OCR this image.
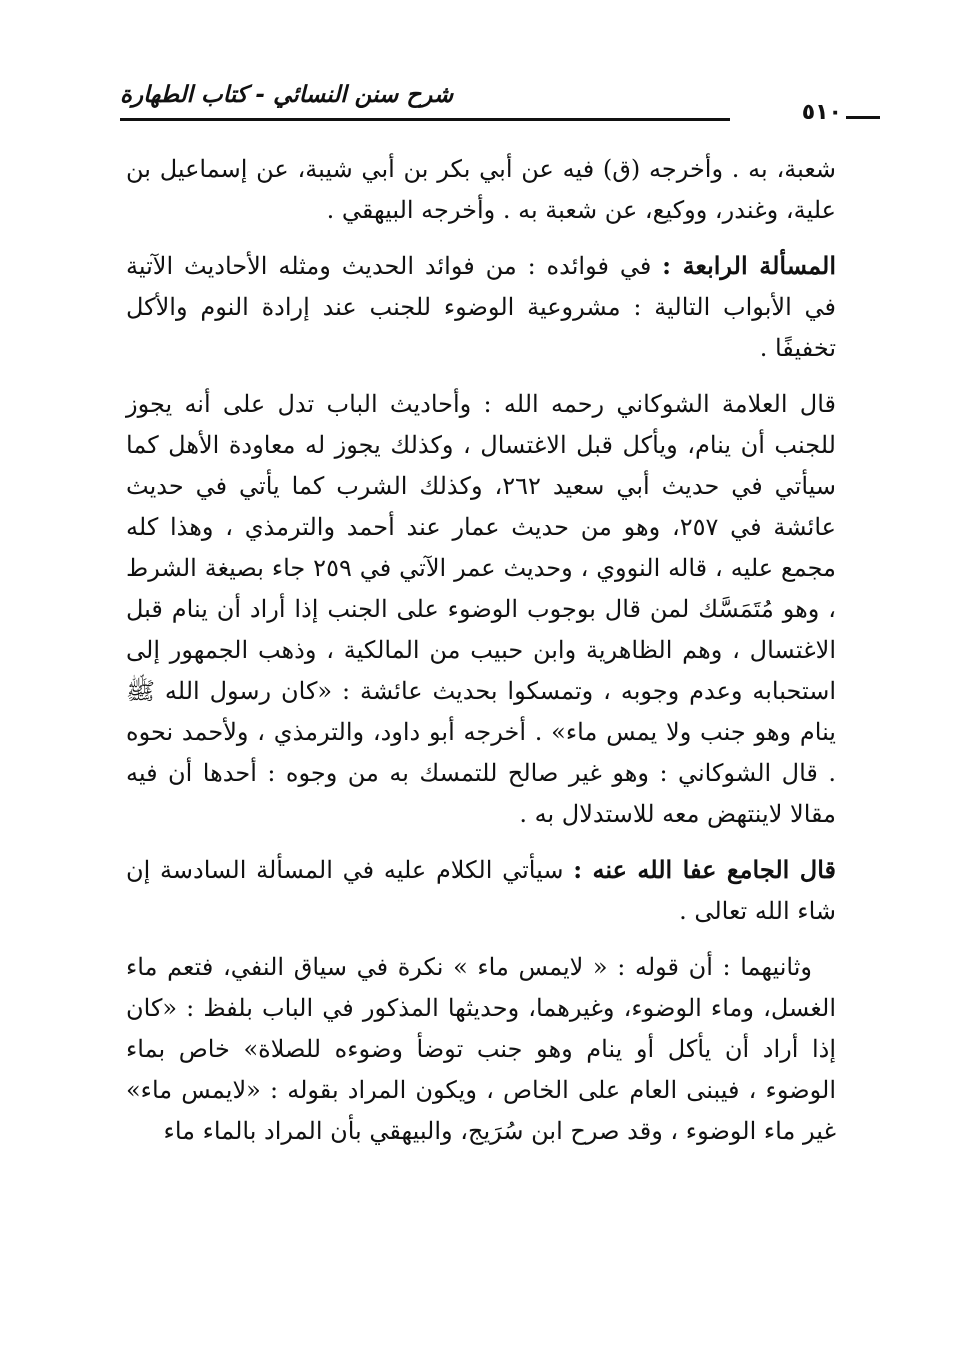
شرح سنن النسائي - كتاب الطهارة
٥١٠

شعبة، به . وأخرجه (ق) فيه عن أبي بكر بن أبي شيبة، عن إسماعيل بن علية، وغندر، ووكيع، عن شعبة به . وأخرجه البيهقي .

المسألة الرابعة : في فوائده : من فوائد الحديث ومثله الأحاديث الآتية في الأبواب التالية : مشروعية الوضوء للجنب عند إرادة النوم والأكل تخفيفًا .

قال العلامة الشوكاني رحمه الله : وأحاديث الباب تدل على أنه يجوز للجنب أن ينام، ويأكل قبل الاغتسال ، وكذلك يجوز له معاودة الأهل كما سيأتي في حديث أبي سعيد ٢٦٢، وكذلك الشرب كما يأتي في حديث عائشة في ٢٥٧، وهو من حديث عمار عند أحمد والترمذي ، وهذا كله مجمع عليه ، قاله النووي ، وحديث عمر الآتي في ٢٥٩ جاء بصيغة الشرط ، وهو مُتَمَسَّك لمن قال بوجوب الوضوء على الجنب إذا أراد أن ينام قبل الاغتسال ، وهم الظاهرية وابن حبيب من المالكية ، وذهب الجمهور إلى استحبابه وعدم وجوبه ، وتمسكوا بحديث عائشة : «كان رسول الله ﷺ ينام وهو جنب ولا يمس ماء» . أخرجه أبو داود، والترمذي ، ولأحمد نحوه . قال الشوكاني : وهو غير صالح للتمسك به من وجوه : أحدها أن فيه مقالا لاينتهض معه للاستدلال به .

قال الجامع عفا الله عنه : سيأتي الكلام عليه في المسألة السادسة إن شاء الله تعالى .

وثانيهما : أن قوله : « لايمس ماء » نكرة في سياق النفي، فتعم ماء الغسل، وماء الوضوء، وغيرهما، وحديثها المذكور في الباب بلفظ : «كان إذا أراد أن يأكل أو ينام وهو جنب توضأ وضوءه للصلاة» خاص بماء الوضوء ، فيبنى العام على الخاص ، ويكون المراد بقوله : «لايمس ماء» غير ماء الوضوء ، وقد صرح ابن سُرَيج، والبيهقي بأن المراد بالماء ماء
